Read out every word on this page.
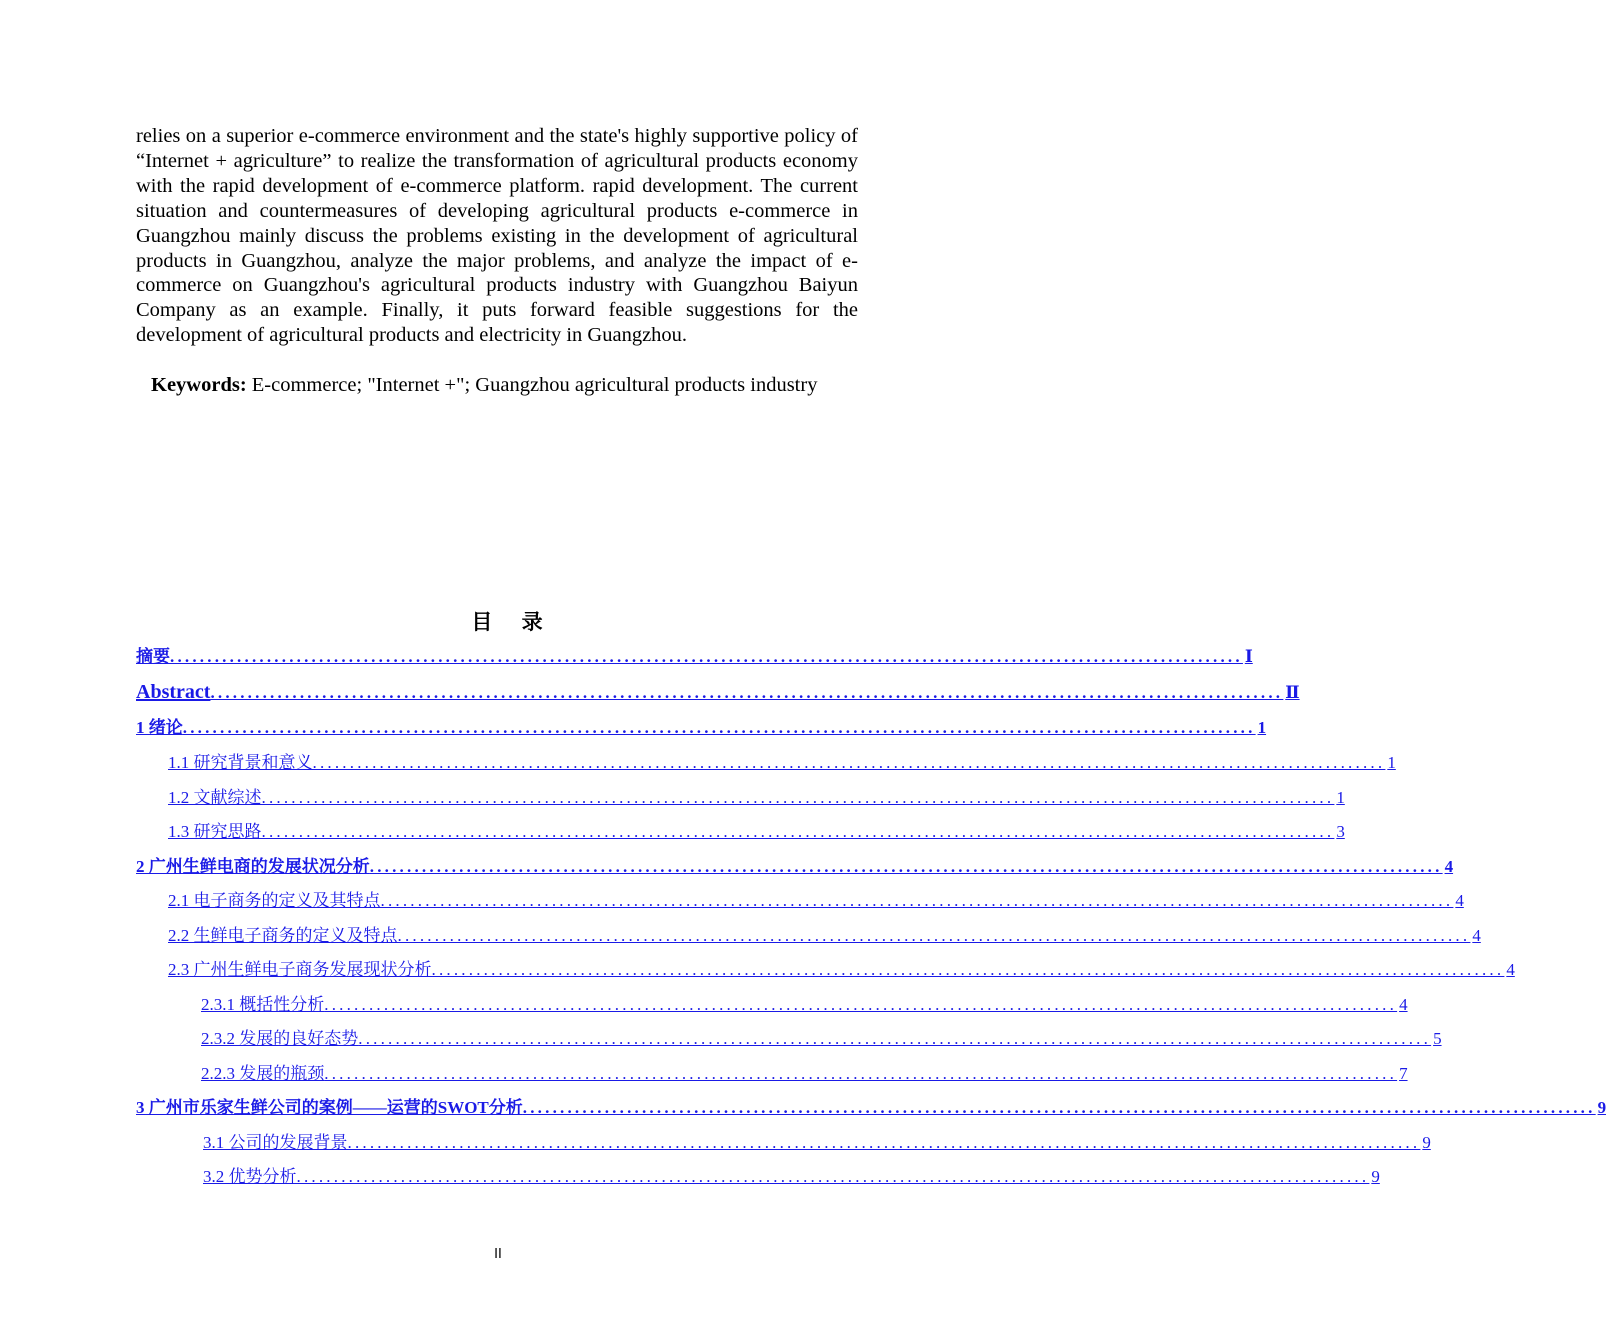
relies on a superior e-commerce environment and the state's highly supportive policy of “Internet + agriculture” to realize the transformation of agricultural products economy with the rapid development of e-commerce platform. rapid development. The current situation and countermeasures of developing agricultural products e-commerce in Guangzhou mainly discuss the problems existing in the development of agricultural products in Guangzhou, analyze the major problems, and analyze the impact of e-commerce on Guangzhou's agricultural products industry with Guangzhou Baiyun Company as an example. Finally, it puts forward feasible suggestions for the development of agricultural products and electricity in Guangzhou.

Keywords: E-commerce; "Internet +"; Guangzhou agricultural products industry

目 录
摘要 ................................................................................................................................................ Ⅰ
Abstract ................................................................................................................................................ Ⅱ
1 绪论 ................................................................................................................................................ 1
1.1 研究背景和意义 ................................................................................................................................................ 1
1.2 文献综述 ................................................................................................................................................ 1
1.3 研究思路 ................................................................................................................................................ 3
2 广州生鲜电商的发展状况分析 ................................................................................................................................................ 4
2.1 电子商务的定义及其特点 ................................................................................................................................................ 4
2.2 生鲜电子商务的定义及特点 ................................................................................................................................................ 4
2.3 广州生鲜电子商务发展现状分析 ................................................................................................................................................ 4
2.3.1 概括性分析 ................................................................................................................................................ 4
2.3.2 发展的良好态势 ................................................................................................................................................ 5
2.2.3 发展的瓶颈 ................................................................................................................................................ 7
3 广州市乐家生鲜公司的案例——运营的SWOT分析 ................................................................................................................................................ 9
3.1 公司的发展背景 ................................................................................................................................................ 9
3.2 优势分析 ................................................................................................................................................ 9
II
